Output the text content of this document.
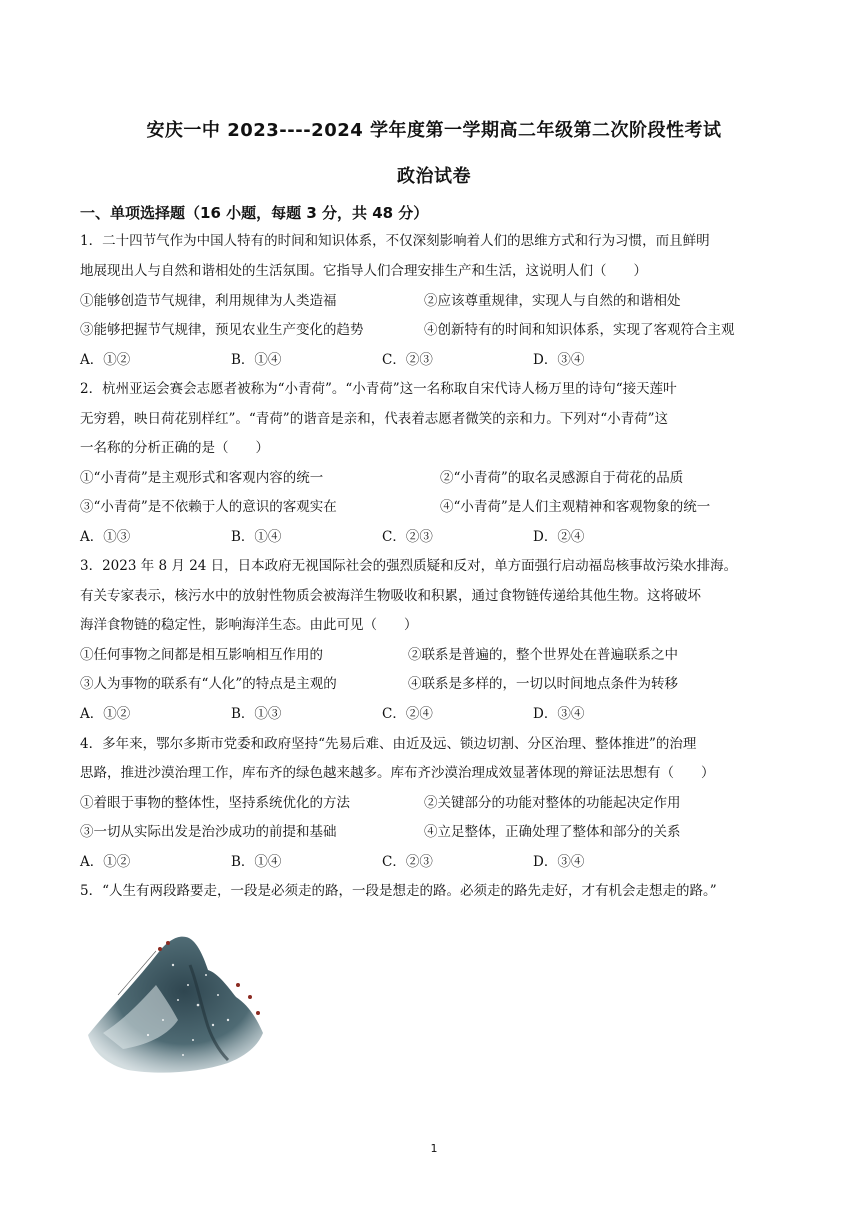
安庆一中 2023----2024 学年度第一学期高二年级第二次阶段性考试
政治试卷
一、单项选择题（16 小题，每题 3 分，共 48 分）
1．二十四节气作为中国人特有的时间和知识体系，不仅深刻影响着人们的思维方式和行为习惯，而且鲜明
地展现出人与自然和谐相处的生活氛围。它指导人们合理安排生产和生活，这说明人们（　　）
①能够创造节气规律，利用规律为人类造福	②应该尊重规律，实现人与自然的和谐相处
③能够把握节气规律，预见农业生产变化的趋势	④创新特有的时间和知识体系，实现了客观符合主观
A．①②	B．①④	C．②③	D．③④
2．杭州亚运会赛会志愿者被称为“小青荷”。“小青荷”这一名称取自宋代诗人杨万里的诗句“接天莲叶
无穷碧，映日荷花别样红”。“青荷”的谐音是亲和，代表着志愿者微笑的亲和力。下列对“小青荷”这
一名称的分析正确的是（　　）
①“小青荷”是主观形式和客观内容的统一	②“小青荷”的取名灵感源自于荷花的品质
③“小青荷”是不依赖于人的意识的客观实在	④“小青荷”是人们主观精神和客观物象的统一
A．①③	B．①④	C．②③	D．②④
3．2023 年 8 月 24 日，日本政府无视国际社会的强烈质疑和反对，单方面强行启动福岛核事故污染水排海。
有关专家表示，核污水中的放射性物质会被海洋生物吸收和积累，通过食物链传递给其他生物。这将破坏
海洋食物链的稳定性，影响海洋生态。由此可见（　　）
①任何事物之间都是相互影响相互作用的	②联系是普遍的，整个世界处在普遍联系之中
③人为事物的联系有“人化”的特点是主观的	④联系是多样的，一切以时间地点条件为转移
A．①②	B．①③	C．②④	D．③④
4．多年来，鄂尔多斯市党委和政府坚持“先易后难、由近及远、锁边切割、分区治理、整体推进”的治理
思路，推进沙漠治理工作，库布齐的绿色越来越多。库布齐沙漠治理成效显著体现的辩证法思想有（　　）
①着眼于事物的整体性，坚持系统优化的方法	②关键部分的功能对整体的功能起决定作用
③一切从实际出发是治沙成功的前提和基础	④立足整体，正确处理了整体和部分的关系
A．①②	B．①④	C．②③	D．③④
5．“人生有两段路要走，一段是必须走的路，一段是想走的路。必须走的路先走好，才有机会走想走的路。”
1
